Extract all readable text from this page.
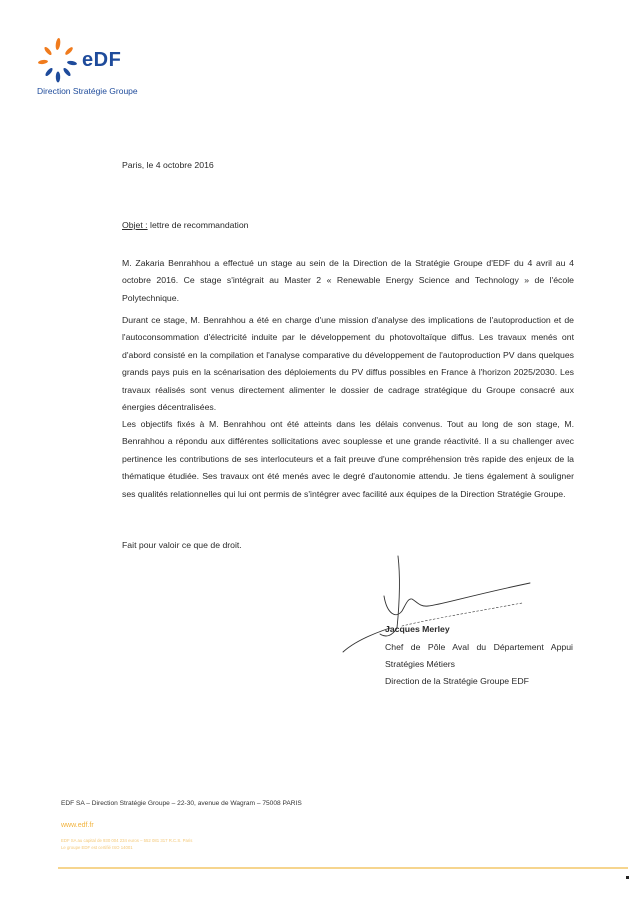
eDF
Direction Stratégie Groupe
Paris, le 4 octobre 2016
Objet : lettre de recommandation
M. Zakaria Benrahhou a effectué un stage au sein de la Direction de la Stratégie Groupe d'EDF du 4 avril au 4 octobre 2016. Ce stage s'intégrait au Master 2 « Renewable Energy Science and Technology » de l'école Polytechnique.
Durant ce stage, M. Benrahhou a été en charge d'une mission d'analyse des implications de l'autoproduction et de l'autoconsommation d'électricité induite par le développement du photovoltaïque diffus. Les travaux menés ont d'abord consisté en la compilation et l'analyse comparative du développement de l'autoproduction PV dans quelques grands pays puis en la scénarisation des déploiements du PV diffus possibles en France à l'horizon 2025/2030. Les travaux réalisés sont venus directement alimenter le dossier de cadrage stratégique du Groupe consacré aux énergies décentralisées.
Les objectifs fixés à M. Benrahhou ont été atteints dans les délais convenus. Tout au long de son stage, M. Benrahhou a répondu aux différentes sollicitations avec souplesse et une grande réactivité. Il a su challenger avec pertinence les contributions de ses interlocuteurs et a fait preuve d'une compréhension très rapide des enjeux de la thématique étudiée. Ses travaux ont été menés avec le degré d'autonomie attendu. Je tiens également à souligner ses qualités relationnelles qui lui ont permis de s'intégrer avec facilité aux équipes de la Direction Stratégie Groupe.
Fait pour valoir ce que de droit.
Jacques Merley
Chef de Pôle Aval du Département Appui
Stratégies Métiers
Direction de la Stratégie Groupe EDF
EDF SA – Direction Stratégie Groupe – 22-30, avenue de Wagram – 75008 PARIS
www.edf.fr
EDF SA au capital de 930 004 234 euros – 552 081 317 R.C.S. Paris
Le groupe EDF est certifié ISO 14001
